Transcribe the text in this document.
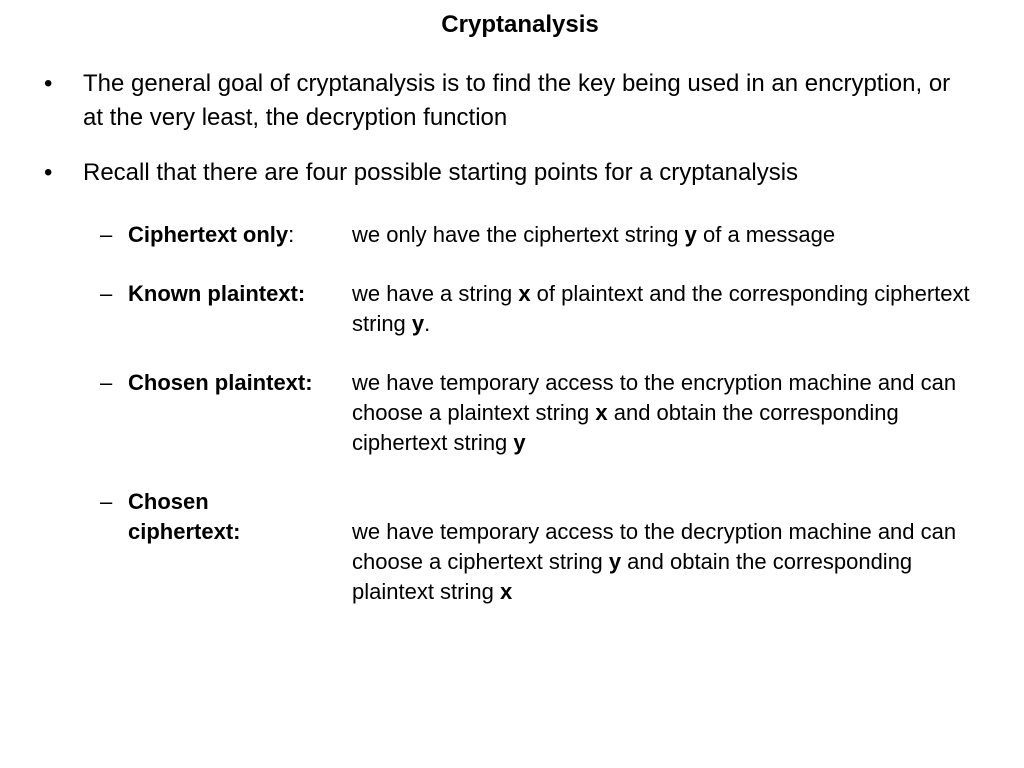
Cryptanalysis
• The general goal of cryptanalysis is to find the key being used in an encryption, or at the very least, the decryption function
• Recall that there are four possible starting points for a cryptanalysis
– Ciphertext only:	we only have the ciphertext string y of a message
– Known plaintext: we have a string x of plaintext and the corresponding ciphertext string y.
– Chosen plaintext: we have temporary access to the encryption machine and can choose a plaintext string x and obtain the corresponding ciphertext string y
– Chosen
ciphertext:	we have temporary access to the decryption machine and can choose a ciphertext string y and obtain the corresponding plaintext string x
